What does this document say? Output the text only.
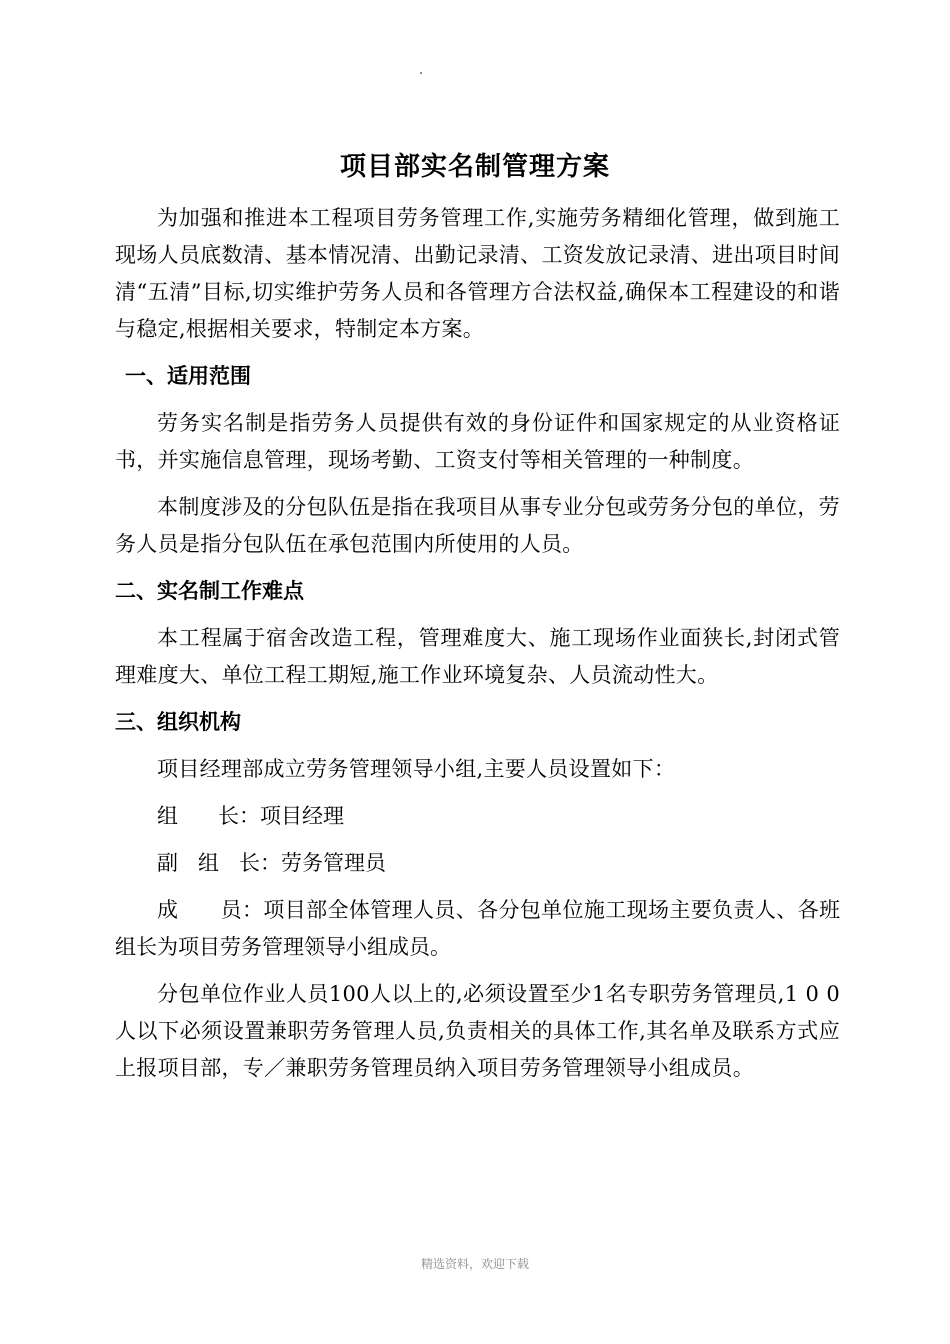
项目部实名制管理方案

为加强和推进本工程项目劳务管理工作,实施劳务精细化管理，做到施工现场人员底数清、基本情况清、出勤记录清、工资发放记录清、进出项目时间清“五清”目标,切实维护劳务人员和各管理方合法权益,确保本工程建设的和谐与稳定,根据相关要求，特制定本方案。

一、适用范围

劳务实名制是指劳务人员提供有效的身份证件和国家规定的从业资格证书，并实施信息管理，现场考勤、工资支付等相关管理的一种制度。

本制度涉及的分包队伍是指在我项目从事专业分包或劳务分包的单位，劳务人员是指分包队伍在承包范围内所使用的人员。

二、实名制工作难点

本工程属于宿舍改造工程，管理难度大、施工现场作业面狭长,封闭式管理难度大、单位工程工期短,施工作业环境复杂、人员流动性大。

三、组织机构

项目经理部成立劳务管理领导小组,主要人员设置如下：

组      长：项目经理
副   组   长：劳务管理员

成      员：项目部全体管理人员、各分包单位施工现场主要负责人、各班组长为项目劳务管理领导小组成员。

分包单位作业人员100人以上的,必须设置至少1名专职劳务管理员,1 0 0人以下必须设置兼职劳务管理人员,负责相关的具体工作,其名单及联系方式应上报项目部，专／兼职劳务管理员纳入项目劳务管理领导小组成员。

精选资料，欢迎下载
